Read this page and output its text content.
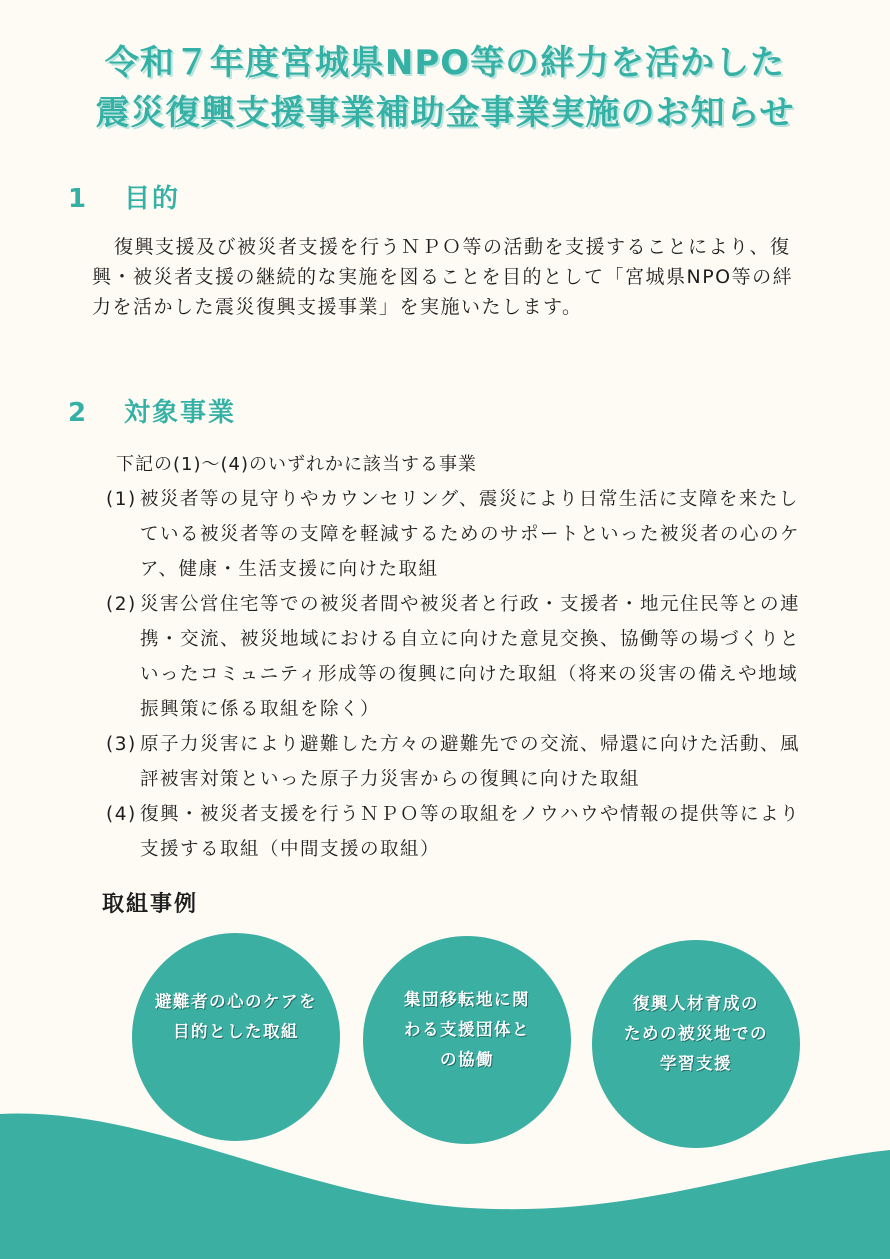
令和７年度宮城県NPO等の絆力を活かした
震災復興支援事業補助金事業実施のお知らせ
1 目的

復興支援及び被災者支援を行うＮＰＯ等の活動を支援することにより、復興・被災者支援の継続的な実施を図ることを目的として「宮城県NPO等の絆力を活かした震災復興支援事業」を実施いたします。

2 対象事業

下記の(1)～(4)のいずれかに該当する事業

(1) 被災者等の見守りやカウンセリング、震災により日常生活に支障を来たしている被災者等の支障を軽減するためのサポートといった被災者の心のケア、健康・生活支援に向けた取組
(2) 災害公営住宅等での被災者間や被災者と行政・支援者・地元住民等との連携・交流、被災地域における自立に向けた意見交換、協働等の場づくりといったコミュニティ形成等の復興に向けた取組（将来の災害の備えや地域振興策に係る取組を除く）
(3) 原子力災害により避難した方々の避難先での交流、帰還に向けた活動、風評被害対策といった原子力災害からの復興に向けた取組
(4) 復興・被災者支援を行うＮＰＯ等の取組をノウハウや情報の提供等により支援する取組（中間支援の取組）
取組事例
避難者の心のケアを
目的とした取組
集団移転地に関
わる支援団体と
の協働
復興人材育成の
ための被災地での
学習支援
